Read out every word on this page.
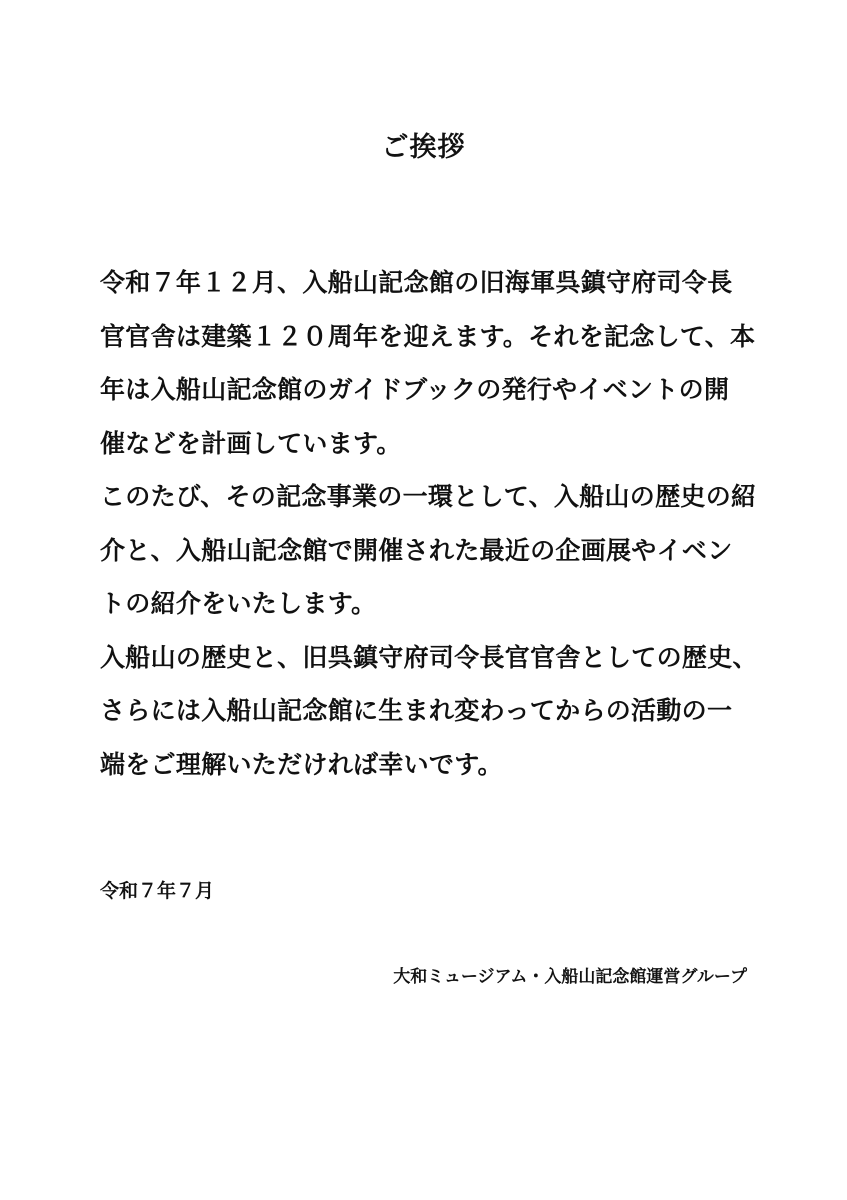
ご挨拶
令和７年１２月、入船山記念館の旧海軍呉鎮守府司令長
官官舎は建築１２０周年を迎えます。それを記念して、本
年は入船山記念館のガイドブックの発行やイベントの開
催などを計画しています。
このたび、その記念事業の一環として、入船山の歴史の紹
介と、入船山記念館で開催された最近の企画展やイベン
トの紹介をいたします。
入船山の歴史と、旧呉鎮守府司令長官官舎としての歴史、
さらには入船山記念館に生まれ変わってからの活動の一
端をご理解いただければ幸いです。
令和７年７月
大和ミュージアム・入船山記念館運営グループ
